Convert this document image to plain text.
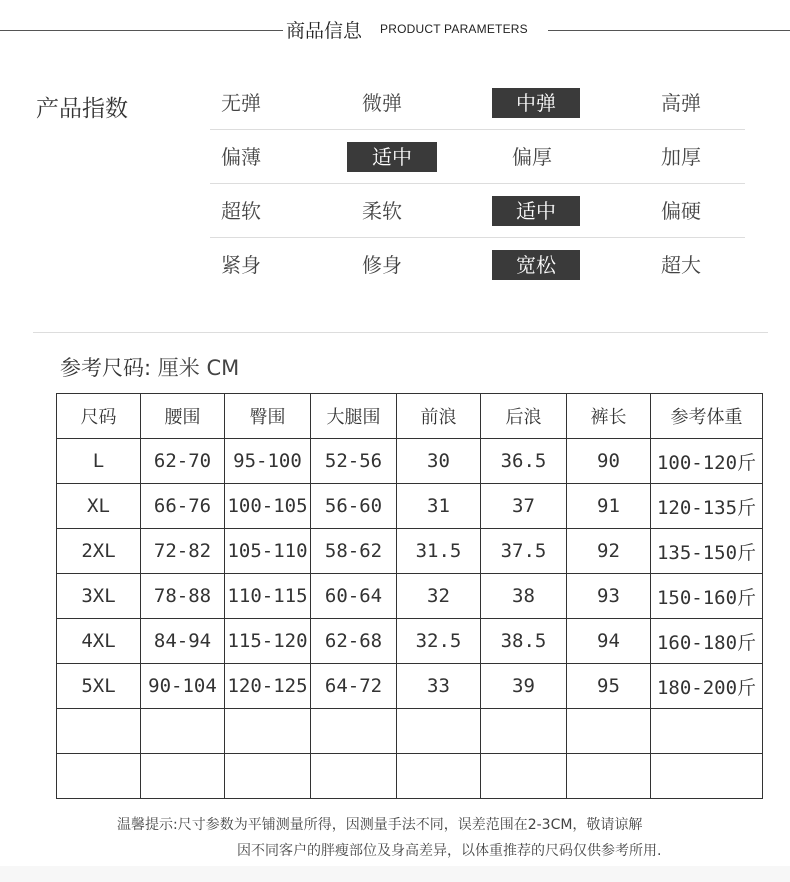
商品信息 PRODUCT PARAMETERS
产品指数	无弹	微弹	中弹	高弹
偏薄	适中	偏厚	加厚
超软	柔软	适中	偏硬
紧身	修身	宽松	超大
参考尺码: 厘米 CM
尺码	腰围	臀围	大腿围	前浪	后浪	裤长	参考体重
L	62-70	95-100	52-56	30	36.5	90	100-120斤
XL	66-76	100-105	56-60	31	37	91	120-135斤
2XL	72-82	105-110	58-62	31.5	37.5	92	135-150斤
3XL	78-88	110-115	60-64	32	38	93	150-160斤
4XL	84-94	115-120	62-68	32.5	38.5	94	160-180斤
5XL	90-104	120-125	64-72	33	39	95	180-200斤

温馨提示:尺寸参数为平铺测量所得，因测量手法不同，误差范围在2-3CM，敬请谅解
因不同客户的胖瘦部位及身高差异，以体重推荐的尺码仅供参考所用.
